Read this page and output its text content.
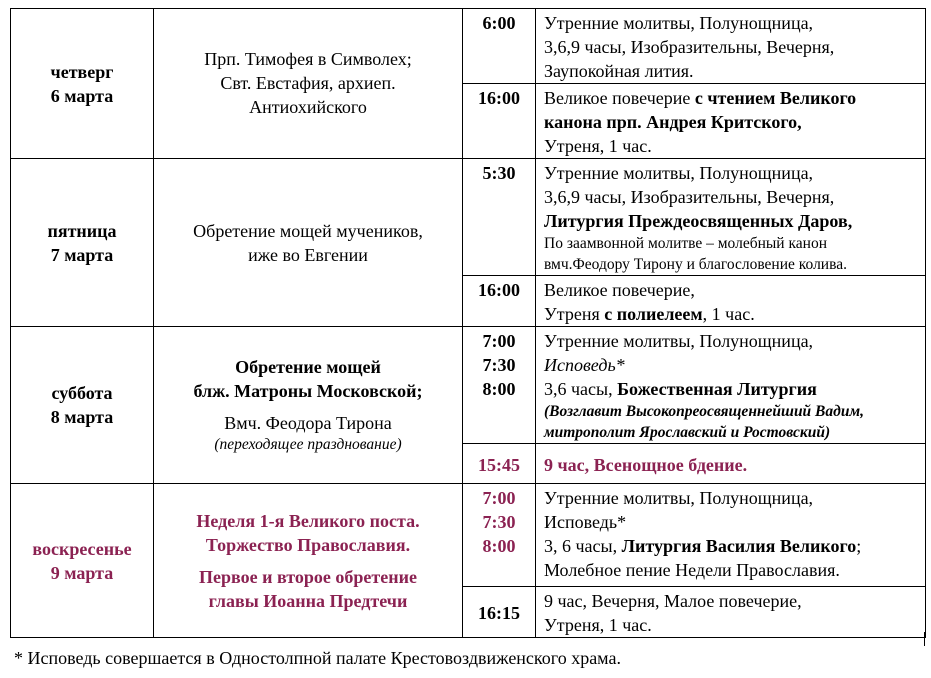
четверг
6 марта	Прп. Тимофея в Символех;
Свт. Евстафия, архиеп.
Антиохийского	6:00	Утренние молитвы, Полунощница,
3,6,9 часы, Изобразительны, Вечерня,
Заупокойная лития.

		16:00	Великое повечерие с чтением Великого
канона прп. Андрея Критского,
Утреня, 1 час.

пятница
7 марта	Обретение мощей мучеников,
иже во Евгении	5:30	Утренние молитвы, Полунощница,
3,6,9 часы, Изобразительны, Вечерня,
Литургия Преждеосвященных Даров,
По заамвонной молитве – молебный канон
вмч.Феодору Тирону и благословение колива.

		16:00	Великое повечерие,
Утреня с полиелеем, 1 час.

суббота
8 марта	Обретение мощей
блж. Матроны Московской;
Вмч. Феодора Тирона
(переходящее празднование)	7:00
7:30
8:00	Утренние молитвы, Полунощница,
Исповедь*
3,6 часы, Божественная Литургия
(Возглавит Высокопреосвященнейший Вадим,
митрополит Ярославский и Ростовский)

		15:45	9 час, Всенощное бдение.

воскресенье
9 марта	Неделя 1-я Великого поста.
Торжество Православия.
Первое и второе обретение
главы Иоанна Предтечи	7:00
7:30
8:00	Утренние молитвы, Полунощница,
Исповедь*
3, 6 часы, Литургия Василия Великого;
Молебное пение Недели Православия.

		16:15	9 час, Вечерня, Малое повечерие,
Утреня, 1 час.
* Исповедь совершается в Одностолпной палате Крестовоздвиженского храма.
